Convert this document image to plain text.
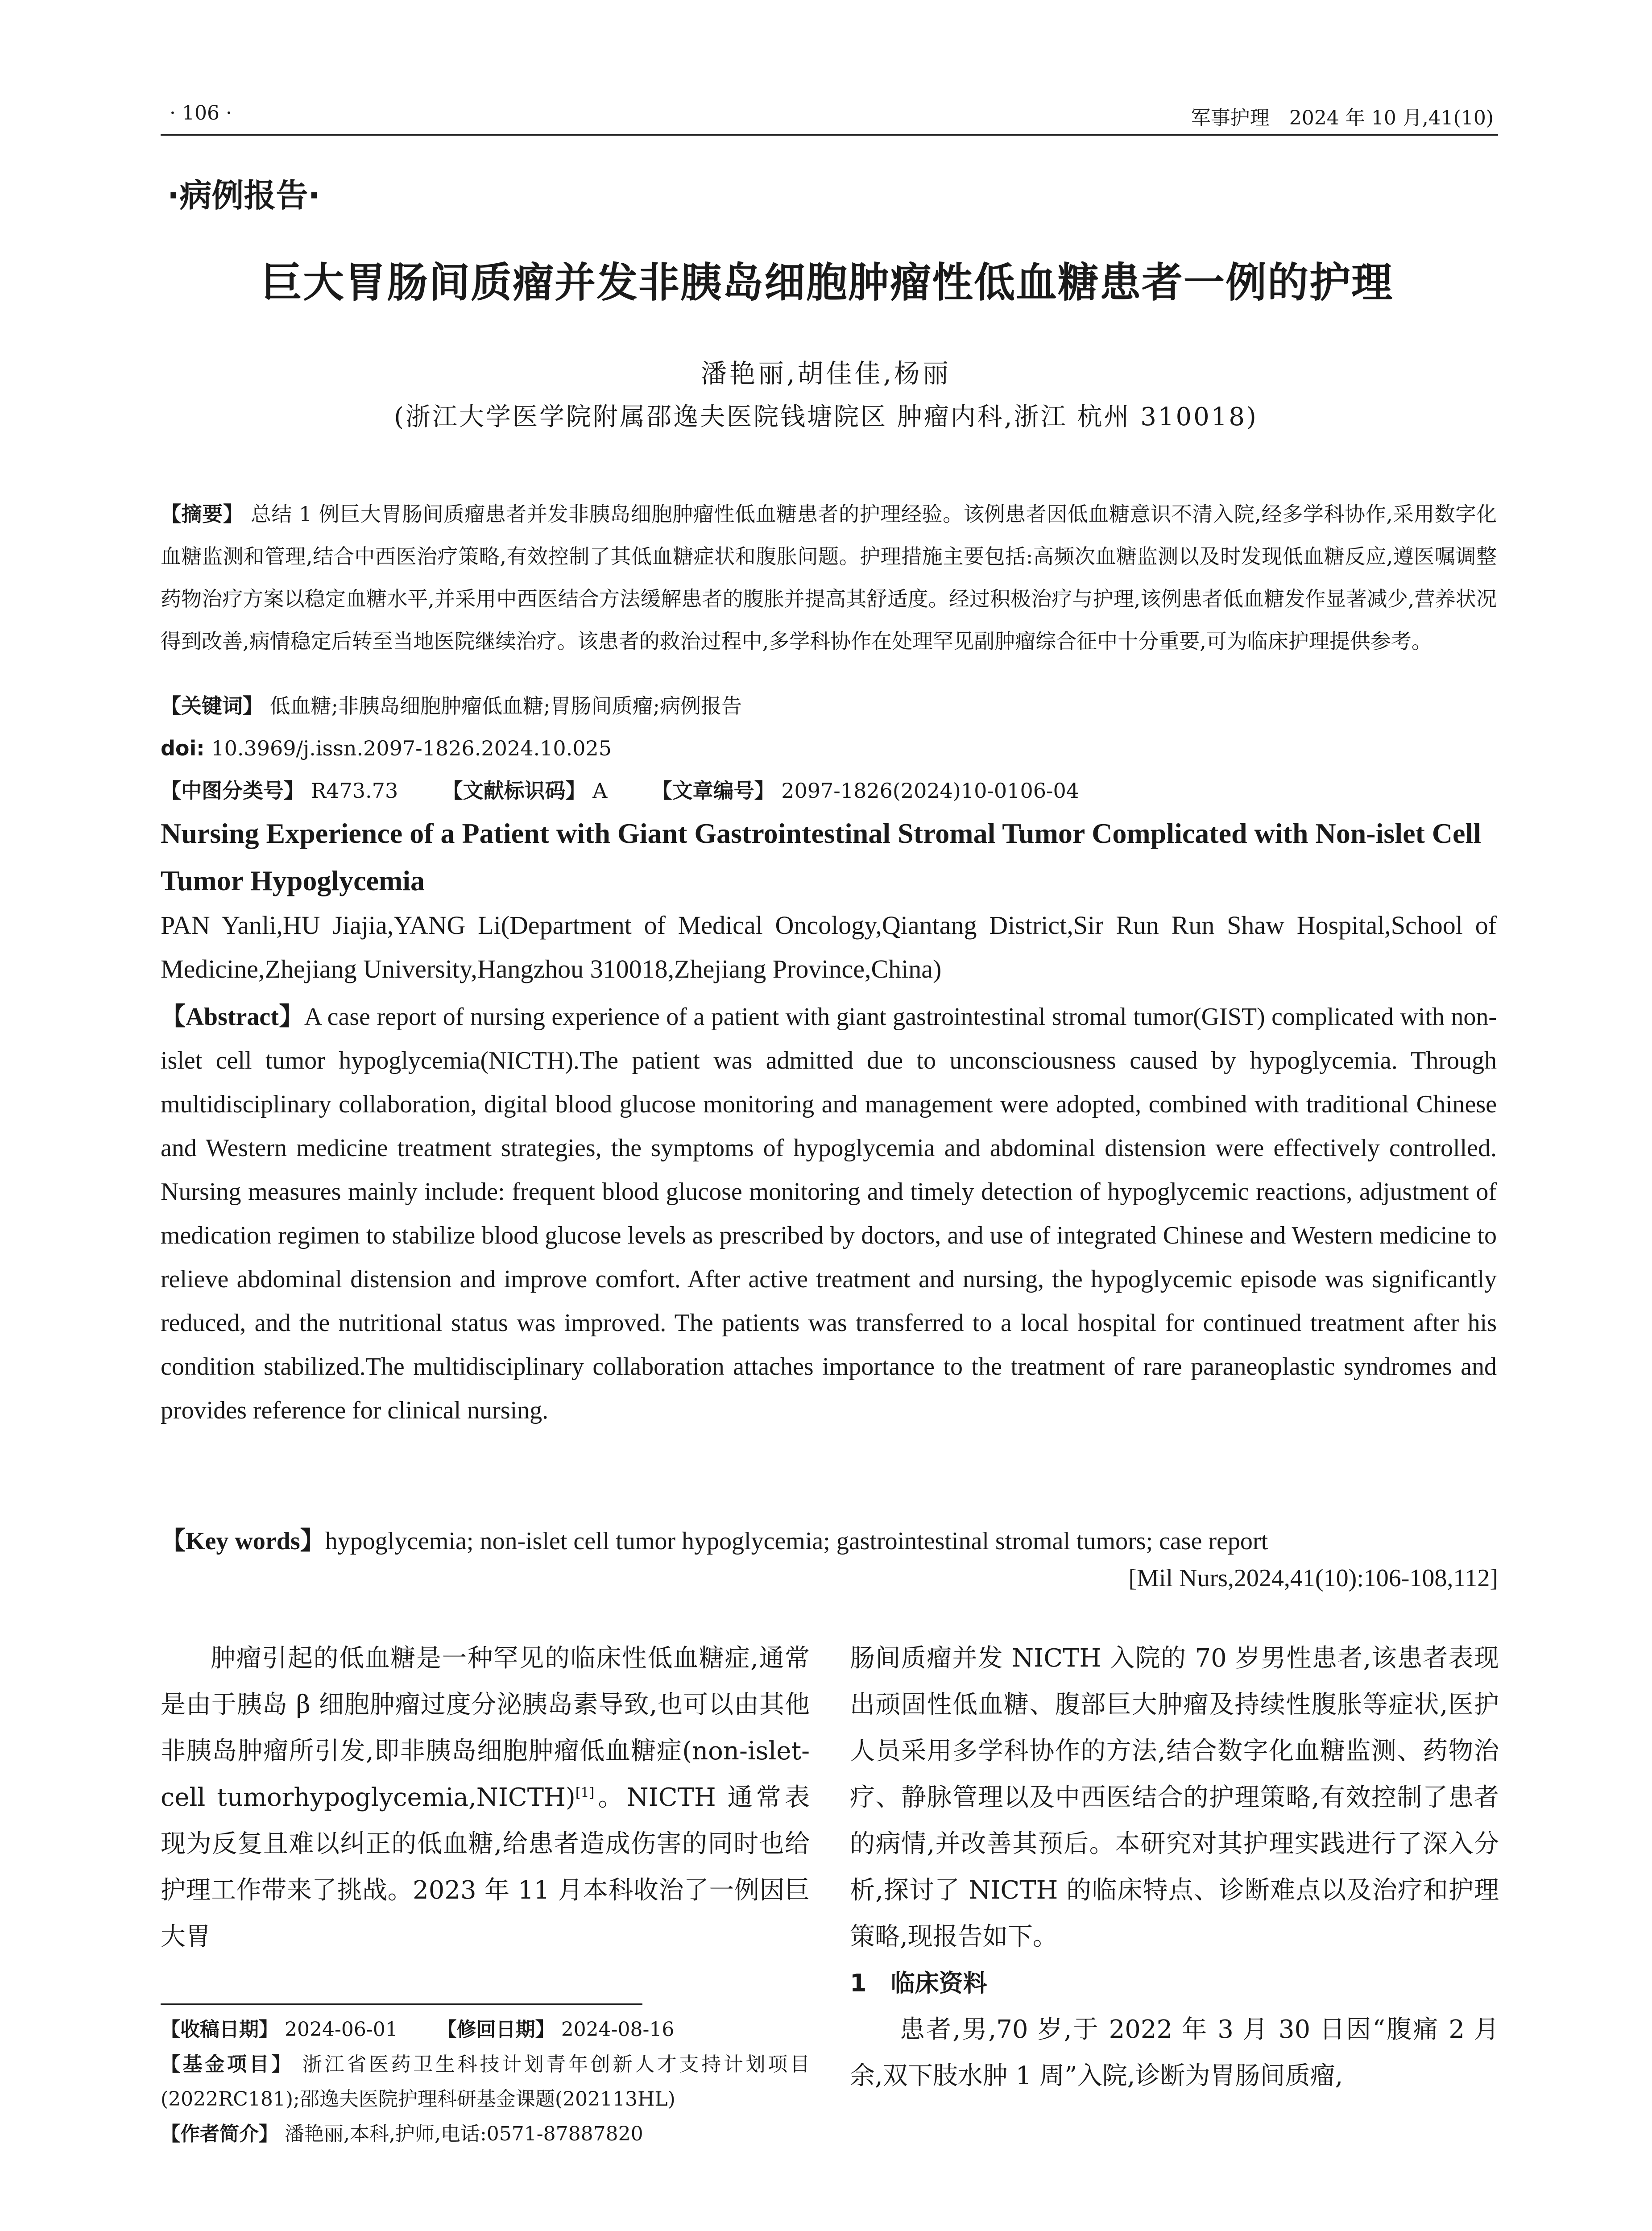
· 106 ·	军事护理　2024 年 10 月,41(10)
·病例报告·
巨大胃肠间质瘤并发非胰岛细胞肿瘤性低血糖患者一例的护理
潘艳丽,胡佳佳,杨丽
(浙江大学医学院附属邵逸夫医院钱塘院区 肿瘤内科,浙江 杭州 310018)
【摘要】 总结 1 例巨大胃肠间质瘤患者并发非胰岛细胞肿瘤性低血糖患者的护理经验。该例患者因低血糖意识不清入院,经多学科协作,采用数字化血糖监测和管理,结合中西医治疗策略,有效控制了其低血糖症状和腹胀问题。护理措施主要包括:高频次血糖监测以及时发现低血糖反应,遵医嘱调整药物治疗方案以稳定血糖水平,并采用中西医结合方法缓解患者的腹胀并提高其舒适度。经过积极治疗与护理,该例患者低血糖发作显著减少,营养状况得到改善,病情稳定后转至当地医院继续治疗。该患者的救治过程中,多学科协作在处理罕见副肿瘤综合征中十分重要,可为临床护理提供参考。
【关键词】 低血糖;非胰岛细胞肿瘤低血糖;胃肠间质瘤;病例报告
doi: 10.3969/j.issn.2097-1826.2024.10.025
【中图分类号】 R473.73 【文献标识码】 A 【文章编号】 2097-1826(2024)10-0106-04
Nursing Experience of a Patient with Giant Gastrointestinal Stromal Tumor Complicated with Non-islet Cell Tumor Hypoglycemia
PAN Yanli,HU Jiajia,YANG Li(Department of Medical Oncology,Qiantang District,Sir Run Run Shaw Hospital,School of Medicine,Zhejiang University,Hangzhou 310018,Zhejiang Province,China)
【Abstract】A case report of nursing experience of a patient with giant gastrointestinal stromal tumor(GIST) complicated with non-islet cell tumor hypoglycemia(NICTH).The patient was admitted due to unconsciousness caused by hypoglycemia. Through multidisciplinary collaboration, digital blood glucose monitoring and management were adopted, combined with traditional Chinese and Western medicine treatment strategies, the symptoms of hypoglycemia and abdominal distension were effectively controlled. Nursing measures mainly include: frequent blood glucose monitoring and timely detection of hypoglycemic reactions, adjustment of medication regimen to stabilize blood glucose levels as prescribed by doctors, and use of integrated Chinese and Western medicine to relieve abdominal distension and improve comfort. After active treatment and nursing, the hypoglycemic episode was significantly reduced, and the nutritional status was improved. The patients was transferred to a local hospital for continued treatment after his condition stabilized.The multidisciplinary collaboration attaches importance to the treatment of rare paraneoplastic syndromes and provides reference for clinical nursing.
【Key words】hypoglycemia; non-islet cell tumor hypoglycemia; gastrointestinal stromal tumors; case report
[Mil Nurs,2024,41(10):106-108,112]

肿瘤引起的低血糖是一种罕见的临床性低血糖症,通常是由于胰岛 β 细胞肿瘤过度分泌胰岛素导致,也可以由其他非胰岛肿瘤所引发,即非胰岛细胞肿瘤低血糖症(non-islet-cell tumorhypoglycemia,NICTH)[1]。NICTH 通常表现为反复且难以纠正的低血糖,给患者造成伤害的同时也给护理工作带来了挑战。2023 年 11 月本科收治了一例因巨大胃

【收稿日期】 2024-06-01 【修回日期】 2024-08-16

【基金项目】 浙江省医药卫生科技计划青年创新人才支持计划项目(2022RC181);邵逸夫医院护理科研基金课题(202113HL)

【作者简介】 潘艳丽,本科,护师,电话:0571-87887820

肠间质瘤并发 NICTH 入院的 70 岁男性患者,该患者表现出顽固性低血糖、腹部巨大肿瘤及持续性腹胀等症状,医护人员采用多学科协作的方法,结合数字化血糖监测、药物治疗、静脉管理以及中西医结合的护理策略,有效控制了患者的病情,并改善其预后。本研究对其护理实践进行了深入分析,探讨了 NICTH 的临床特点、诊断难点以及治疗和护理策略,现报告如下。

1　临床资料

患者,男,70 岁,于 2022 年 3 月 30 日因“腹痛 2 月余,双下肢水肿 1 周”入院,诊断为胃肠间质瘤,
